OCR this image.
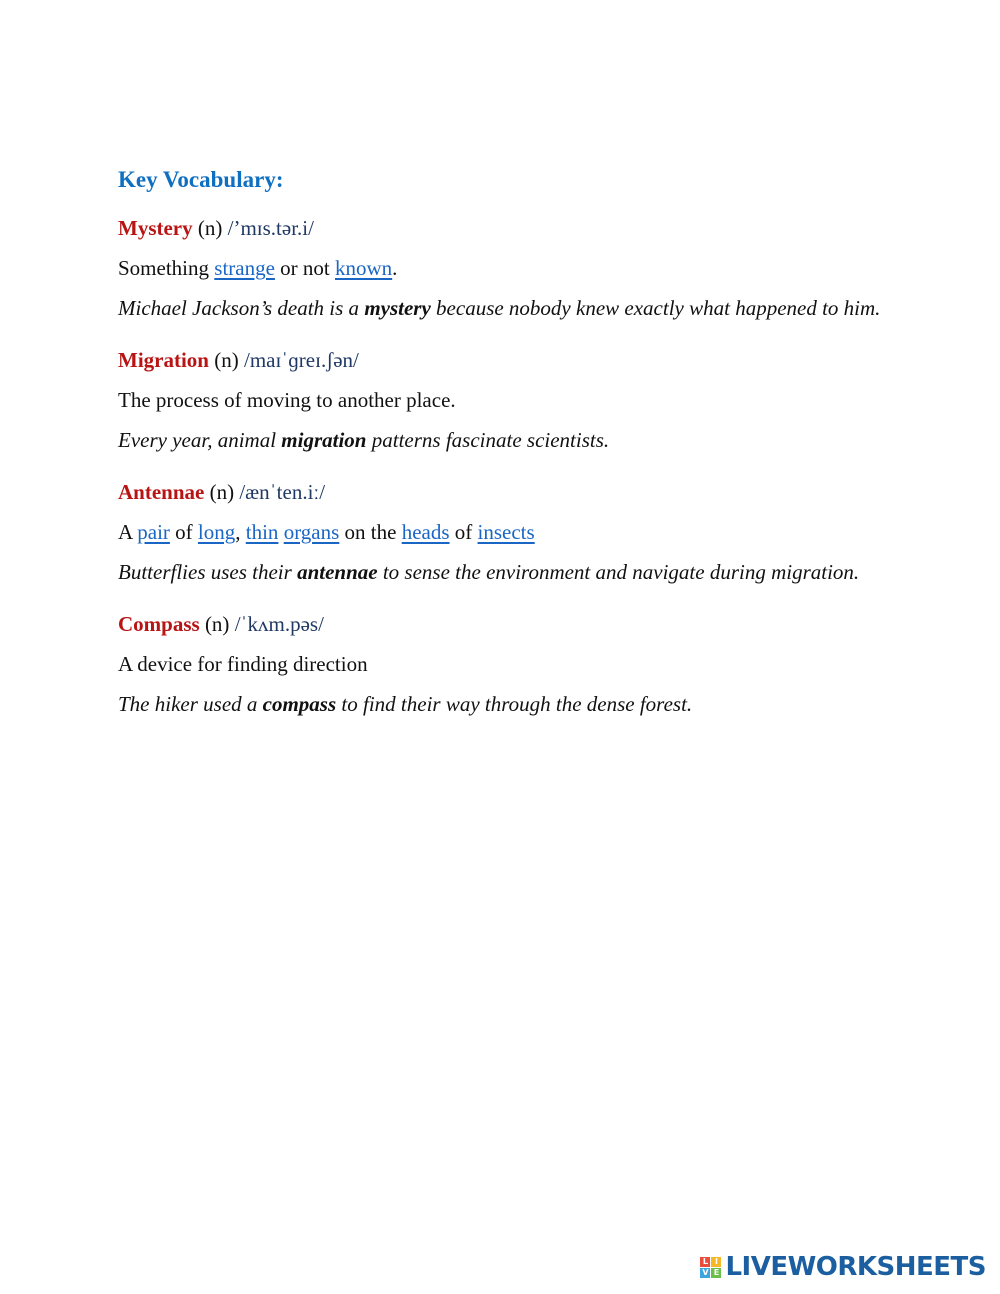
Key Vocabulary:

Mystery (n) /’mɪs.tər.i/

Something strange or not known.

Michael Jackson’s death is a mystery because nobody knew exactly what happened to him.

Migration (n) /maɪˈɡreɪ.ʃən/

The process of moving to another place.

Every year, animal migration patterns fascinate scientists.

Antennae (n) /ænˈten.iː/

A pair of long, thin organs on the heads of insects

Butterflies uses their antennae to sense the environment and navigate during migration.

Compass (n) /ˈkʌm.pəs/

A device for finding direction

The hiker used a compass to find their way through the dense forest.

L I
V E LIVEWORKSHEETS
